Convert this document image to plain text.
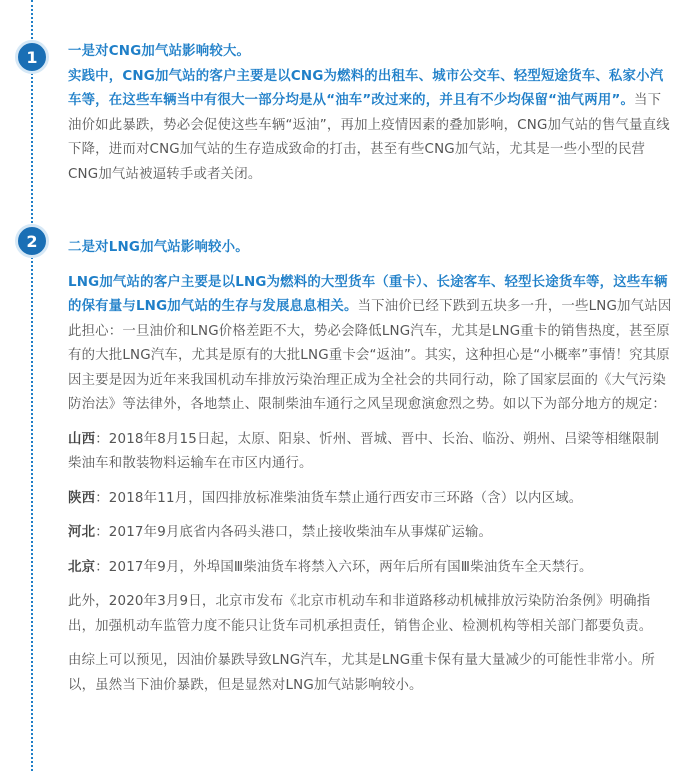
1
2

一是对CNG加气站影响较大。

实践中，CNG加气站的客户主要是以CNG为燃料的出租车、城市公交车、轻型短途货车、私家小汽车等，在这些车辆当中有很大一部分均是从“油车”改过来的，并且有不少均保留“油气两用”。当下油价如此暴跌，势必会促使这些车辆“返油”，再加上疫情因素的叠加影响，CNG加气站的售气量直线下降，进而对CNG加气站的生存造成致命的打击，甚至有些CNG加气站，尤其是一些小型的民营CNG加气站被逼转手或者关闭。

二是对LNG加气站影响较小。

LNG加气站的客户主要是以LNG为燃料的大型货车（重卡）、长途客车、轻型长途货车等，这些车辆的保有量与LNG加气站的生存与发展息息相关。当下油价已经下跌到五块多一升，一些LNG加气站因此担心：一旦油价和LNG价格差距不大，势必会降低LNG汽车，尤其是LNG重卡的销售热度，甚至原有的大批LNG汽车，尤其是原有的大批LNG重卡会“返油”。其实，这种担心是“小概率”事情！究其原因主要是因为近年来我国机动车排放污染治理正成为全社会的共同行动，除了国家层面的《大气污染防治法》等法律外，各地禁止、限制柴油车通行之风呈现愈演愈烈之势。如以下为部分地方的规定：

山西：2018年8月15日起，太原、阳泉、忻州、晋城、晋中、长治、临汾、朔州、吕梁等相继限制柴油车和散装物料运输车在市区内通行。

陕西：2018年11月，国四排放标准柴油货车禁止通行西安市三环路（含）以内区域。

河北：2017年9月底省内各码头港口，禁止接收柴油车从事煤矿运输。

北京：2017年9月，外埠国Ⅲ柴油货车将禁入六环，两年后所有国Ⅲ柴油货车全天禁行。

此外，2020年3月9日，北京市发布《北京市机动车和非道路移动机械排放污染防治条例》明确指出，加强机动车监管力度不能只让货车司机承担责任，销售企业、检测机构等相关部门都要负责。

由综上可以预见，因油价暴跌导致LNG汽车，尤其是LNG重卡保有量大量减少的可能性非常小。所以，虽然当下油价暴跌，但是显然对LNG加气站影响较小。
